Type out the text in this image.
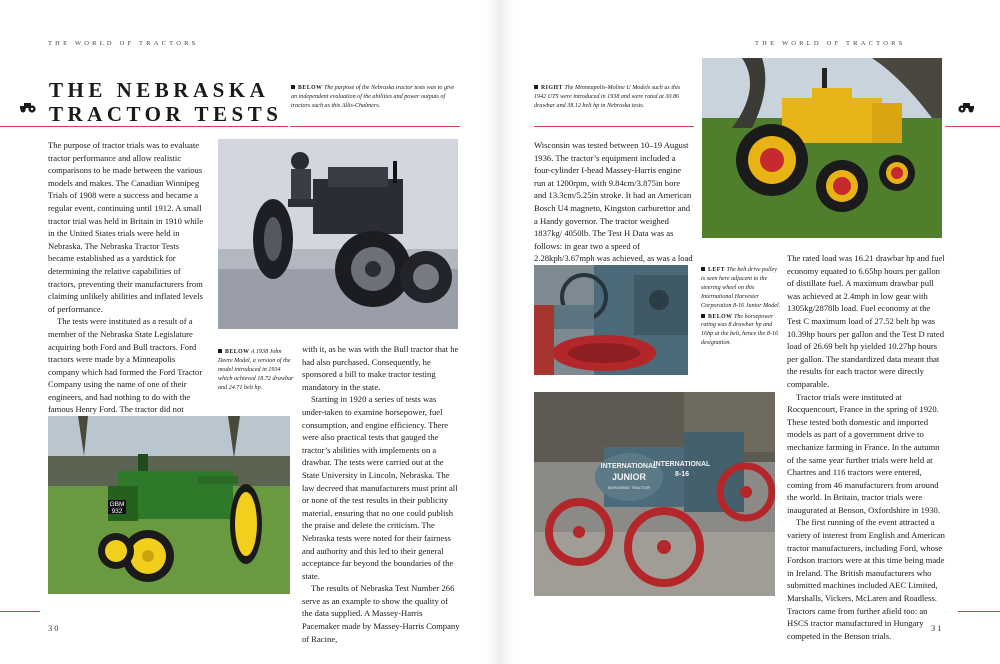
THE WORLD OF TRACTORS
THE NEBRASKA
TRACTOR TESTS
BELOW The purpose of the Nebraska tractor tests was to give an independent evaluation of the abilities and power outputs of tractors such as this Allis-Chalmers.

The purpose of tractor trials was to evaluate tractor performance and allow realistic comparisons to be made between the various models and makes. The Canadian Winnipeg Trials of 1908 were a success and became a regular event, continuing until 1912. A small tractor trial was held in Britain in 1910 while in the United States trials were held in Nebraska. The Nebraska Tractor Tests became established as a yardstick for determining the relative capabilities of tractors, preventing their manufacturers from claiming unlikely abilities and inflated levels of performance.

The tests were instituted as a result of a member of the Nebraska State Legislature acquiring both Ford and Bull tractors. Ford tractors were made by a Minneapolis company which had formed the Ford Tractor Company using the name of one of their engineers, and had nothing to do with the famous Henry Ford. The tractor did not

BELOW A 1938 John Deere Model, a version of the model introduced in 1934 which achieved 18.72 drawbar and 24.71 belt hp.

with it, as he was with the Bull tractor that he had also purchased. Consequently, he sponsored a bill to make tractor testing mandatory in the state.

Starting in 1920 a series of tests was under-taken to examine horsepower, fuel consumption, and engine efficiency. There were also practical tests that gauged the tractor’s abilities with implements on a drawbar. The tests were carried out at the State University in Lincoln, Nebraska. The law decreed that manufacturers must print all or none of the test results in their publicity material, ensuring that no one could publish the praise and delete the criticism. The Nebraska tests were noted for their fairness and authority and this led to their general acceptance far beyond the boundaries of the state.

The results of Nebraska Test Number 266 serve as an example to show the quality of the data supplied. A Massey-Harris Pacemaker made by Massey-Harris Company of Racine,

GBM
932
30
THE WORLD OF TRACTORS
RIGHT The Minneapolis-Moline U Models such as this 1942 UTS were introduced in 1938 and were rated at 30.86 drawbar and 38.12 belt hp in Nebraska tests.

Wisconsin was tested between 10–19 August 1936. The tractor’s equipment included a four-cylinder I-head Massey-Harris engine run at 1200rpm, with 9.84cm/3.875in bore and 13.3cm/5.25in stroke. It had an American Bosch U4 magneto, Kingston carburettor and a Handy governor. The tractor weighed 1837kg/ 4050lb. The Test H Data was as follows: in gear two a speed of 2.28kph/3.67mph was achieved, as was a load

LEFT The belt drive pulley is seen here adjacent to the steering wheel on this International Harvester Corporation 8-16 Junior Model.
BELOW The horsepower rating was 8 drawbar hp and 16hp at the belt, hence the 8-16 designation.

The rated load was 16.21 drawbar hp and fuel economy equated to 6.65hp hours per gallon of distillate fuel. A maximum drawbar pull was achieved at 2.4mph in low gear with 1305kg/2878lb load. Fuel economy at the Test C maximum load of 27.52 belt hp was 10.39hp hours per gallon and the Test D rated load of 26.69 belt hp yielded 10.27hp hours per gallon. The standardized data meant that the results for each tractor were directly comparable.

Tractor trials were instituted at Rocquencourt, France in the spring of 1920. These tested both domestic and imported models as part of a government drive to mechanize farming in France. In the autumn of the same year further trials were held at Chartres and 116 tractors were entered, coming from 46 manufacturers from around the world. In Britain, tractor trials were inaugurated at Benson, Oxfordshire in 1930.

The first running of the event attracted a variety of interest from English and American tractor manufacturers, including Ford, whose Fordson tractors were at this time being made in Ireland. The British manufacturers who submitted machines included AEC Limited, Marshalls, Vickers, McLaren and Roadless. Tractors came from further afield too: an HSCS tractor manufactured in Hungary competed in the Benson trials.

INTERNATIONAL
JUNIOR
KEROSENE TRACTOR
INTERNATIONAL
8-16
31
